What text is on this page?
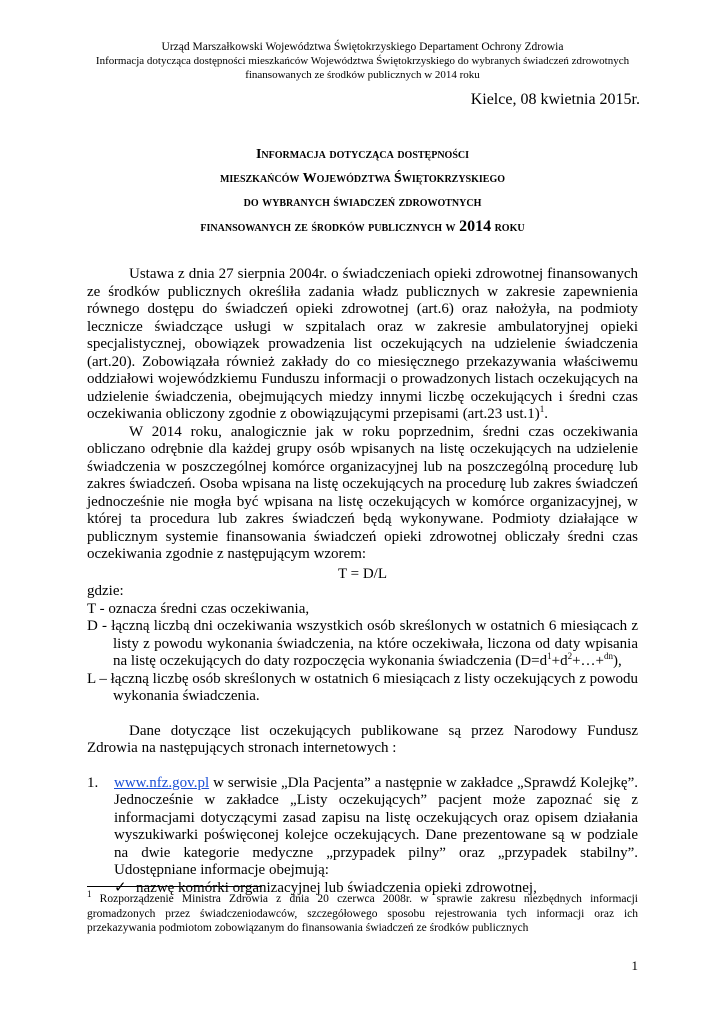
Urząd Marszałkowski Województwa Świętokrzyskiego Departament Ochrony Zdrowia
Informacja dotycząca dostępności mieszkańców Województwa Świętokrzyskiego do wybranych świadczeń zdrowotnych
finansowanych ze środków publicznych w 2014 roku
Kielce, 08 kwietnia 2015r.
Informacja dotycząca dostępności
mieszkańców Województwa Świętokrzyskiego
do wybranych świadczeń zdrowotnych
finansowanych ze środków publicznych w 2014 roku

Ustawa z dnia 27 sierpnia 2004r. o świadczeniach opieki zdrowotnej finansowanych ze środków publicznych określiła zadania władz publicznych w zakresie zapewnienia równego dostępu do świadczeń opieki zdrowotnej (art.6) oraz nałożyła, na podmioty lecznicze świadczące usługi w szpitalach oraz w zakresie ambulatoryjnej opieki specjalistycznej, obowiązek prowadzenia list oczekujących na udzielenie świadczenia (art.20). Zobowiązała również zakłady do co miesięcznego przekazywania właściwemu oddziałowi wojewódzkiemu Funduszu informacji o prowadzonych listach oczekujących na udzielenie świadczenia, obejmujących miedzy innymi liczbę oczekujących i średni czas oczekiwania obliczony zgodnie z obowiązującymi przepisami (art.23 ust.1)$^1$.

W 2014 roku, analogicznie jak w roku poprzednim, średni czas oczekiwania obliczano odrębnie dla każdej grupy osób wpisanych na listę oczekujących na udzielenie świadczenia w poszczególnej komórce organizacyjnej lub na poszczególną procedurę lub zakres świadczeń. Osoba wpisana na listę oczekujących na procedurę lub zakres świadczeń jednocześnie nie mogła być wpisana na listę oczekujących w komórce organizacyjnej, w której ta procedura lub zakres świadczeń będą wykonywane. Podmioty działające w publicznym systemie finansowania świadczeń opieki zdrowotnej obliczały średni czas oczekiwania zgodnie z następującym wzorem:

T = D/L

gdzie:

T - oznacza średni czas oczekiwania,

D - łączną liczbą dni oczekiwania wszystkich osób skreślonych w ostatnich 6 miesiącach z listy z powodu wykonania świadczenia, na które oczekiwała, liczona od daty wpisania na listę oczekujących do daty rozpoczęcia wykonania świadczenia $(D=d^1+d^2+\dots+^{dn})$,

L – łączną liczbę osób skreślonych w ostatnich 6 miesiącach z listy oczekujących z powodu wykonania świadczenia.

Dane dotyczące list oczekujących publikowane są przez Narodowy Fundusz Zdrowia na następujących stronach internetowych :

1.	www.nfz.gov.pl w serwisie „Dla Pacjenta” a następnie w zakładce „Sprawdź Kolejkę”. Jednocześnie w zakładce „Listy oczekujących” pacjent może zapoznać się z informacjami dotyczącymi zasad zapisu na listę oczekujących oraz opisem działania wyszukiwarki poświęconej kolejce oczekujących. Dane prezentowane są w podziale na dwie kategorie medyczne „przypadek pilny” oraz „przypadek stabilny”. Udostępniane informacje obejmują:
✓ nazwę komórki organizacyjnej lub świadczenia opieki zdrowotnej,
$^1$ Rozporządzenie Ministra Zdrowia z dnia 20 czerwca 2008r. w sprawie zakresu niezbędnych informacji gromadzonych przez świadczeniodawców, szczegółowego sposobu rejestrowania tych informacji oraz ich przekazywania podmiotom zobowiązanym do finansowania świadczeń ze środków publicznych
1
